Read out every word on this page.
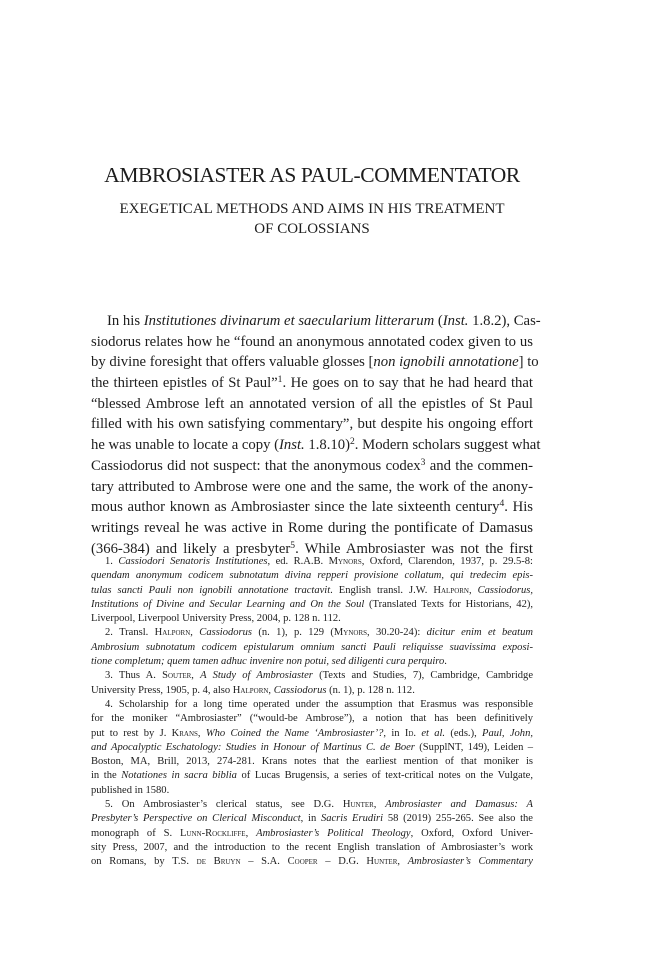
AMBROSIASTER AS PAUL-COMMENTATOR
EXEGETICAL METHODS AND AIMS IN HIS TREATMENT
OF COLOSSIANS
In his Institutiones divinarum et saecularium litterarum (Inst. 1.8.2), Cas-
siodorus relates how he “found an anonymous annotated codex given to us
by divine foresight that offers valuable glosses [non ignobili annotatione] to
the thirteen epistles of St Paul”$^1$. He goes on to say that he had heard that
“blessed Ambrose left an annotated version of all the epistles of St Paul
filled with his own satisfying commentary”, but despite his ongoing effort
he was unable to locate a copy (Inst. 1.8.10)$^2$. Modern scholars suggest what
Cassiodorus did not suspect: that the anonymous codex$^3$ and the commen-
tary attributed to Ambrose were one and the same, the work of the anony-
mous author known as Ambrosiaster since the late sixteenth century$^4$. His
writings reveal he was active in Rome during the pontificate of Damasus
(366-384) and likely a presbyter$^5$. While Ambrosiaster was not the first
1. Cassiodori Senatoris Institutiones, ed. R.A.B. Mynors, Oxford, Clarendon, 1937, p. 29.5-8:
quendam anonymum codicem subnotatum divina repperi provisione collatum, qui tredecim epis-
tulas sancti Pauli non ignobili annotatione tractavit. English transl. J.W. Halporn, Cassiodorus,
Institutions of Divine and Secular Learning and On the Soul (Translated Texts for Historians, 42),
Liverpool, Liverpool University Press, 2004, p. 128 n. 112.
2. Transl. Halporn, Cassiodorus (n. 1), p. 129 (Mynors, 30.20-24): dicitur enim et beatum
Ambrosium subnotatum codicem epistularum omnium sancti Pauli reliquisse suavissima exposi-
tione completum; quem tamen adhuc invenire non potui, sed diligenti cura perquiro.
3. Thus A. Souter, A Study of Ambrosiaster (Texts and Studies, 7), Cambridge, Cambridge
University Press, 1905, p. 4, also Halporn, Cassiodorus (n. 1), p. 128 n. 112.
4. Scholarship for a long time operated under the assumption that Erasmus was responsible
for the moniker “Ambrosiaster” (“would-be Ambrose”), a notion that has been definitively
put to rest by J. Krans, Who Coined the Name ‘Ambrosiaster’?, in Id. et al. (eds.), Paul, John,
and Apocalyptic Eschatology: Studies in Honour of Martinus C. de Boer (SupplNT, 149), Leiden –
Boston, MA, Brill, 2013, 274-281. Krans notes that the earliest mention of that moniker is
in the Notationes in sacra biblia of Lucas Brugensis, a series of text-critical notes on the Vulgate,
published in 1580.
5. On Ambrosiaster’s clerical status, see D.G. Hunter, Ambrosiaster and Damasus: A
Presbyter’s Perspective on Clerical Misconduct, in Sacris Erudiri 58 (2019) 255-265. See also the
monograph of S. Lunn-Rockliffe, Ambrosiaster’s Political Theology, Oxford, Oxford Univer-
sity Press, 2007, and the introduction to the recent English translation of Ambrosiaster’s work
on Romans, by T.S. de Bruyn – S.A. Cooper – D.G. Hunter, Ambrosiaster’s Commentary
